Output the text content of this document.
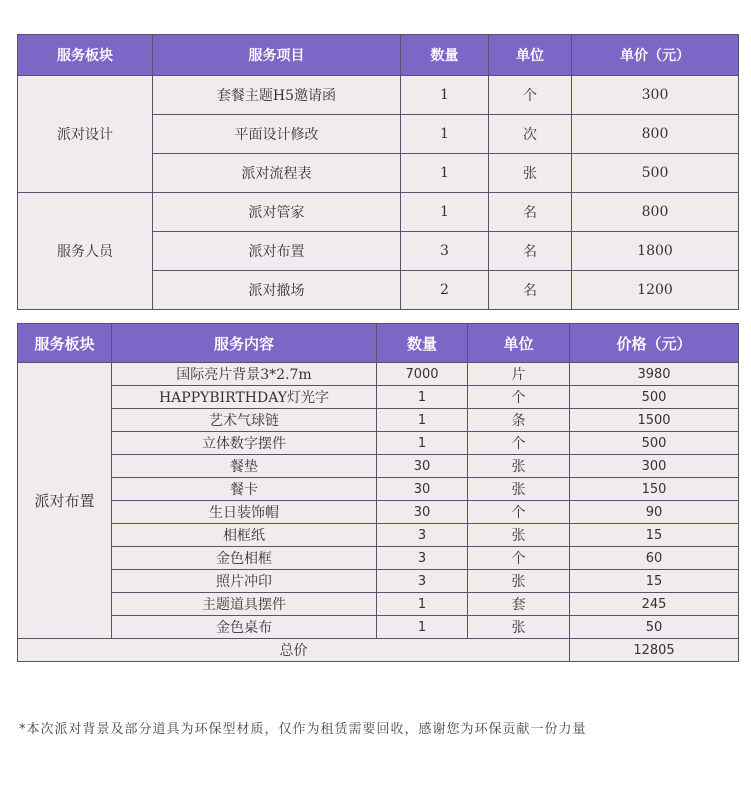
服务板块	服务项目	数量	单位	单价（元）
派对设计	套餐主题H5邀请函	1	个	300
	平面设计修改	1	次	800
	派对流程表	1	张	500
服务人员	派对管家	1	名	800
	派对布置	3	名	1800
	派对撤场	2	名	1200
服务板块	服务内容	数量	单位	价格（元）
派对布置	国际亮片背景3*2.7m	7000	片	3980
	HAPPYBIRTHDAY灯光字	1	个	500
	艺术气球链	1	条	1500
	立体数字摆件	1	个	500
	餐垫	30	张	300
	餐卡	30	张	150
	生日装饰帽	30	个	90
	相框纸	3	张	15
	金色相框	3	个	60
	照片冲印	3	张	15
	主题道具摆件	1	套	245
	金色桌布	1	张	50
总价				12805
*本次派对背景及部分道具为环保型材质，仅作为租赁需要回收，感谢您为环保贡献一份力量
